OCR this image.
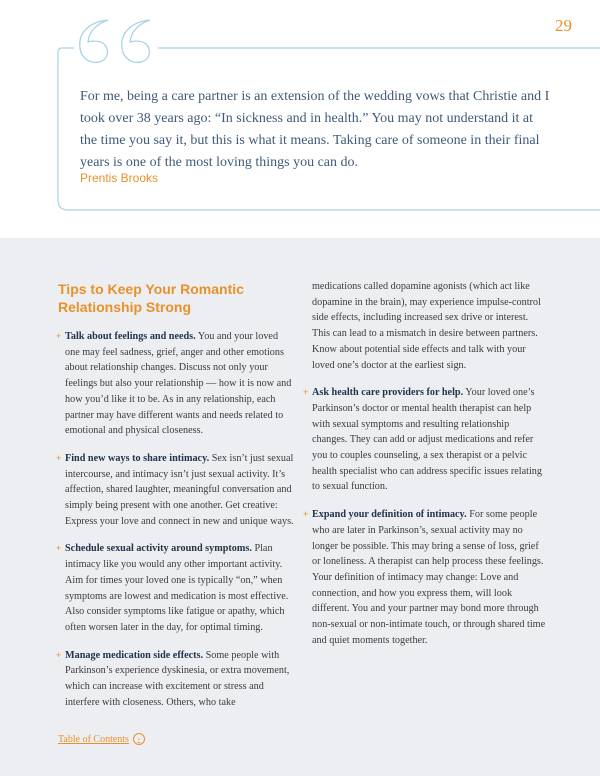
29

For me, being a care partner is an extension of the wedding vows that Christie and I took over 38 years ago: “In sickness and in health.” You may not understand it at the time you say it, but this is what it means. Taking care of someone in their final years is one of the most loving things you can do.

Prentis Brooks
Tips to Keep Your Romantic Relationship Strong
+ Talk about feelings and needs. You and your loved one may feel sadness, grief, anger and other emotions about relationship changes. Discuss not only your feelings but also your relationship — how it is now and how you’d like it to be. As in any relationship, each partner may have different wants and needs related to emotional and physical closeness.
+ Find new ways to share intimacy. Sex isn’t just sexual intercourse, and intimacy isn’t just sexual activity. It’s affection, shared laughter, meaningful conversation and simply being present with one another. Get creative: Express your love and connect in new and unique ways.
+ Schedule sexual activity around symptoms. Plan intimacy like you would any other important activity. Aim for times your loved one is typically “on,” when symptoms are lowest and medication is most effective. Also consider symptoms like fatigue or apathy, which often worsen later in the day, for optimal timing.
+ Manage medication side effects. Some people with Parkinson’s experience dyskinesia, or extra movement, which can increase with excitement or stress and interfere with closeness. Others, who take
medications called dopamine agonists (which act like dopamine in the brain), may experience impulse-control side effects, including increased sex drive or interest. This can lead to a mismatch in desire between partners. Know about potential side effects and talk with your loved one’s doctor at the earliest sign.
+ Ask health care providers for help. Your loved one’s Parkinson’s doctor or mental health therapist can help with sexual symptoms and resulting relationship changes. They can add or adjust medications and refer you to couples counseling, a sex therapist or a pelvic health specialist who can address specific issues relating to sexual function.
+ Expand your definition of intimacy. For some people who are later in Parkinson’s, sexual activity may no longer be possible. This may bring a sense of loss, grief or loneliness. A therapist can help process these feelings. Your definition of intimacy may change: Love and connection, and how you express them, will look different. You and your partner may bond more through non-sexual or non-intimate touch, or through shared time and quiet moments together.
Table of Contents	›
